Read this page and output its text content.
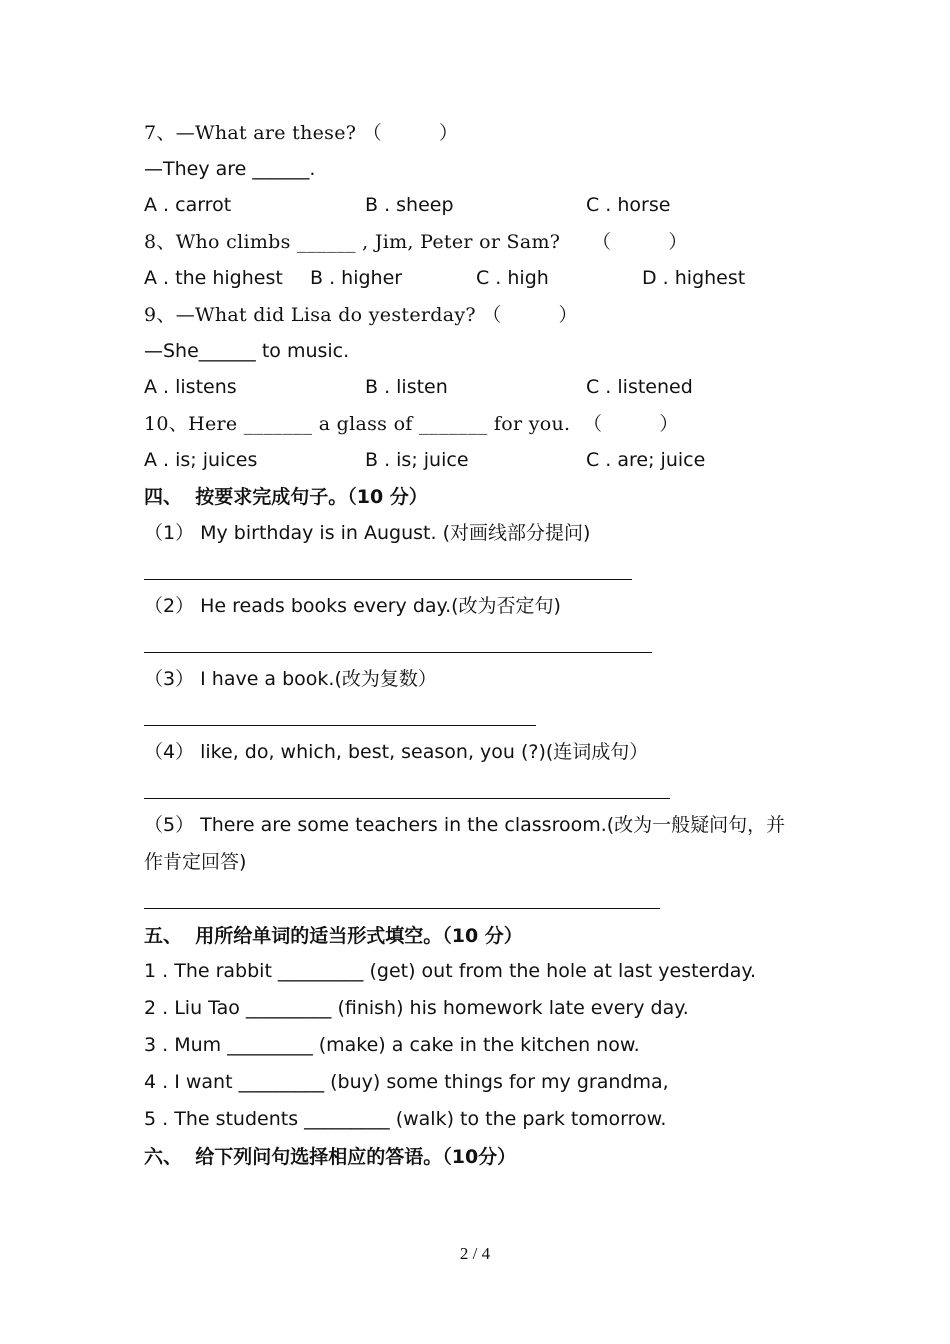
7、—What are these? （         ）
—They are ______.
A . carrot	B . sheep	C . horse
8、Who climbs ______ , Jim, Peter or Sam?     （         ）
A . the highest B . higher	C . high	D . highest
9、—What did Lisa do yesterday? （         ）
—She______ to music.
A . listens	B . listen	C . listened
10、Here _______ a glass of _______ for you.  （         ）
A . is; juices	B . is; juice	C . are; juice
四、  按要求完成句子。（10 分）
（1） My birthday is in August. (对画线部分提问)
（2） He reads books every day.(改为否定句)
（3） I have a book.(改为复数）
（4） like, do, which, best, season, you (?)(连词成句）
（5） There are some teachers in the classroom.(改为一般疑问句，并
作肯定回答)
五、  用所给单词的适当形式填空。（10 分）
1 . The rabbit _________ (get) out from the hole at last yesterday.
2 . Liu Tao _________ (finish) his homework late every day.
3 . Mum _________ (make) a cake in the kitchen now.
4 . I want _________ (buy) some things for my grandma,
5 . The students _________ (walk) to the park tomorrow.
六、  给下列问句选择相应的答语。（10分）
2 / 4
